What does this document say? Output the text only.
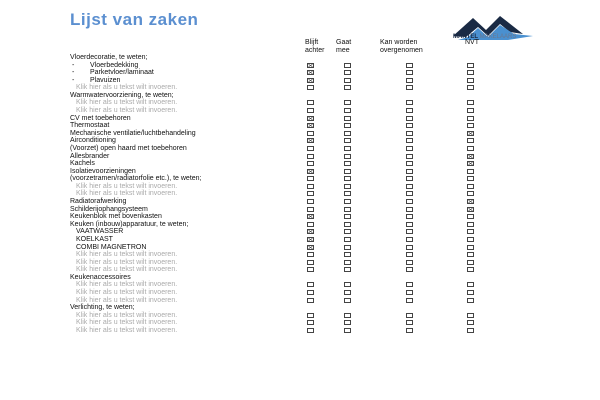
Lijst van zaken
MANTEL MAKELAARS
Blijft
achter
Gaat
mee
Kan worden
overgenomen
NVT
Vloerdecoratie, te weten;
- Vloerbedekking
- Parketvloer/laminaat
- Plavuizen
Klik hier als u tekst wilt invoeren.
Warmwatervoorziening, te weten;
Klik hier als u tekst wilt invoeren.
Klik hier als u tekst wilt invoeren.
CV met toebehoren
Thermostaat
Mechanische ventilatie/luchtbehandeling
Airconditioning
(Voorzet) open haard met toebehoren
Allesbrander
Kachels
Isolatievoorzieningen
(voorzetramen/radiatorfolie etc.), te weten;
Klik hier als u tekst wilt invoeren.
Klik hier als u tekst wilt invoeren.
Radiatorafwerking
Schilderijophangsysteem
Keukenblok met bovenkasten
Keuken (inbouw)apparatuur, te weten;
VAATWASSER
KOELKAST
COMBI MAGNETRON
Klik hier als u tekst wilt invoeren.
Klik hier als u tekst wilt invoeren.
Klik hier als u tekst wilt invoeren.
Keukenaccessoires
Klik hier als u tekst wilt invoeren.
Klik hier als u tekst wilt invoeren.
Klik hier als u tekst wilt invoeren.
Verlichting, te weten;
Klik hier als u tekst wilt invoeren.
Klik hier als u tekst wilt invoeren.
Klik hier als u tekst wilt invoeren.
